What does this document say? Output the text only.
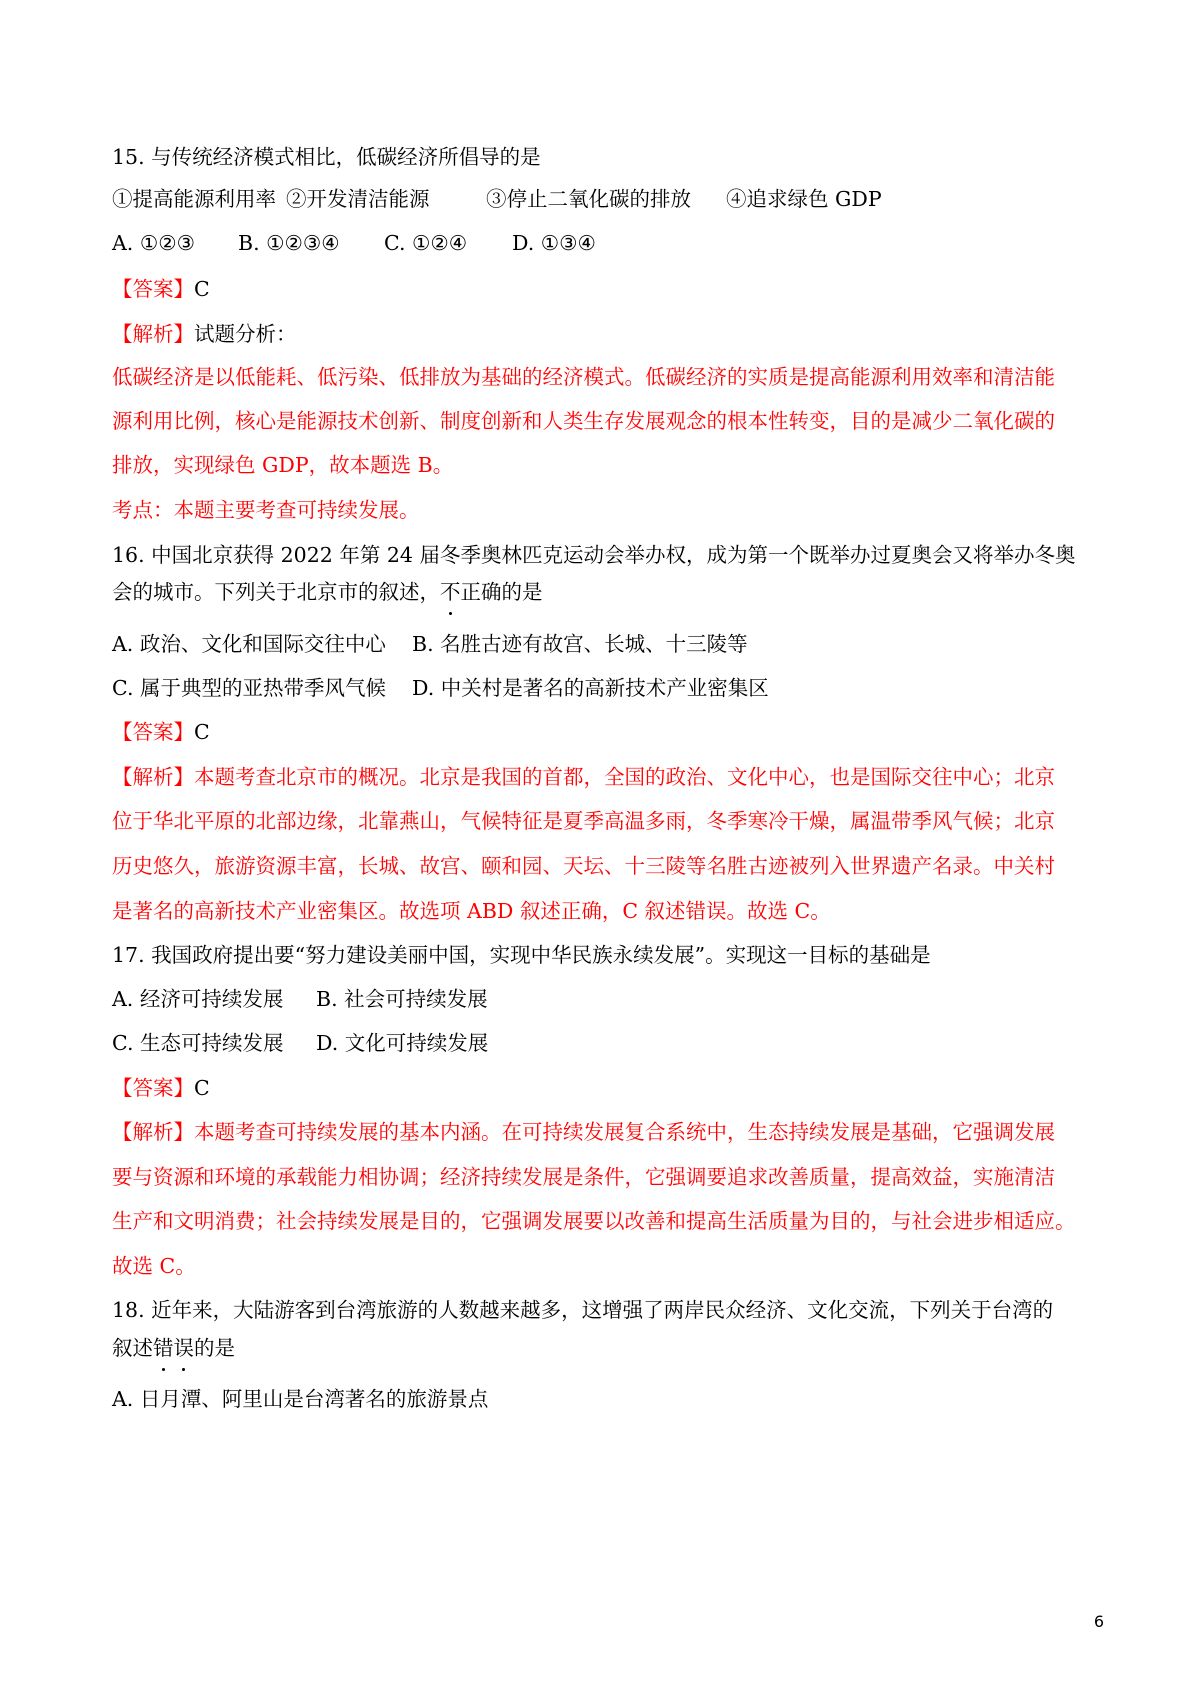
15. 与传统经济模式相比，低碳经济所倡导的是
①提高能源利用率 ②开发清洁能源	③停止二氧化碳的排放 ④追求绿色 GDP
A. ①②③ B. ①②③④ C. ①②④ D. ①③④
【答案】C
【解析】试题分析：
低碳经济是以低能耗、低污染、低排放为基础的经济模式。低碳经济的实质是提高能源利用效率和清洁能
源利用比例，核心是能源技术创新、制度创新和人类生存发展观念的根本性转变，目的是减少二氧化碳的
排放，实现绿色 GDP，故本题选 B。
考点：本题主要考查可持续发展。
16. 中国北京获得 2022 年第 24 届冬季奥林匹克运动会举办权，成为第一个既举办过夏奥会又将举办冬奥
会的城市。下列关于北京市的叙述，不正确的是
A. 政治、文化和国际交往中心 B. 名胜古迹有故宫、长城、十三陵等
C. 属于典型的亚热带季风气候 D. 中关村是著名的高新技术产业密集区
【答案】C
【解析】本题考查北京市的概况。北京是我国的首都，全国的政治、文化中心，也是国际交往中心；北京
位于华北平原的北部边缘，北靠燕山，气候特征是夏季高温多雨，冬季寒冷干燥，属温带季风气候；北京
历史悠久，旅游资源丰富，长城、故宫、颐和园、天坛、十三陵等名胜古迹被列入世界遗产名录。中关村
是著名的高新技术产业密集区。故选项 ABD 叙述正确，C 叙述错误。故选 C。
17. 我国政府提出要“努力建设美丽中国，实现中华民族永续发展”。实现这一目标的基础是
A. 经济可持续发展 B. 社会可持续发展
C. 生态可持续发展 D. 文化可持续发展
【答案】C
【解析】本题考查可持续发展的基本内涵。在可持续发展复合系统中，生态持续发展是基础，它强调发展
要与资源和环境的承载能力相协调；经济持续发展是条件，它强调要追求改善质量，提高效益，实施清洁
生产和文明消费；社会持续发展是目的，它强调发展要以改善和提高生活质量为目的，与社会进步相适应。
故选 C。
18. 近年来，大陆游客到台湾旅游的人数越来越多，这增强了两岸民众经济、文化交流，下列关于台湾的
叙述错误的是
A. 日月潭、阿里山是台湾著名的旅游景点
6
